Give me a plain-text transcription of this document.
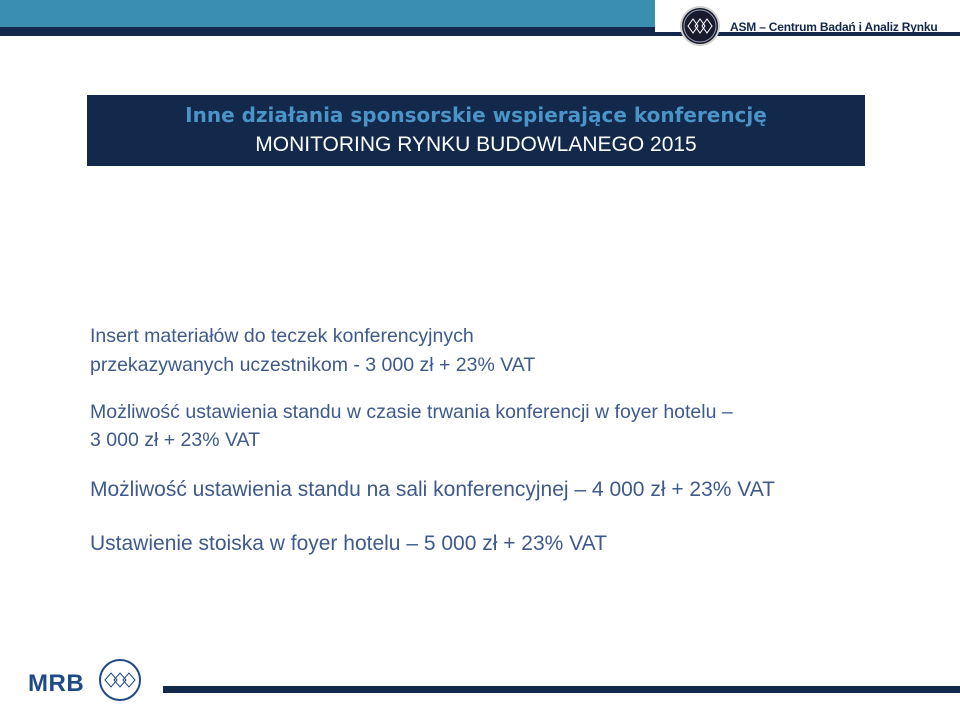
ASM – Centrum Badań i Analiz Rynku
Inne działania sponsorskie wspierające konferencję
MONITORING RYNKU BUDOWLANEGO 2015

Insert materiałów do teczek konferencyjnych
przekazywanych uczestnikom - 3 000 zł + 23% VAT

Możliwość ustawienia standu w czasie trwania konferencji w foyer hotelu –
3 000 zł + 23% VAT

Możliwość ustawienia standu na sali konferencyjnej – 4 000 zł + 23% VAT

Ustawienie stoiska w foyer hotelu – 5 000 zł + 23% VAT

MRB
